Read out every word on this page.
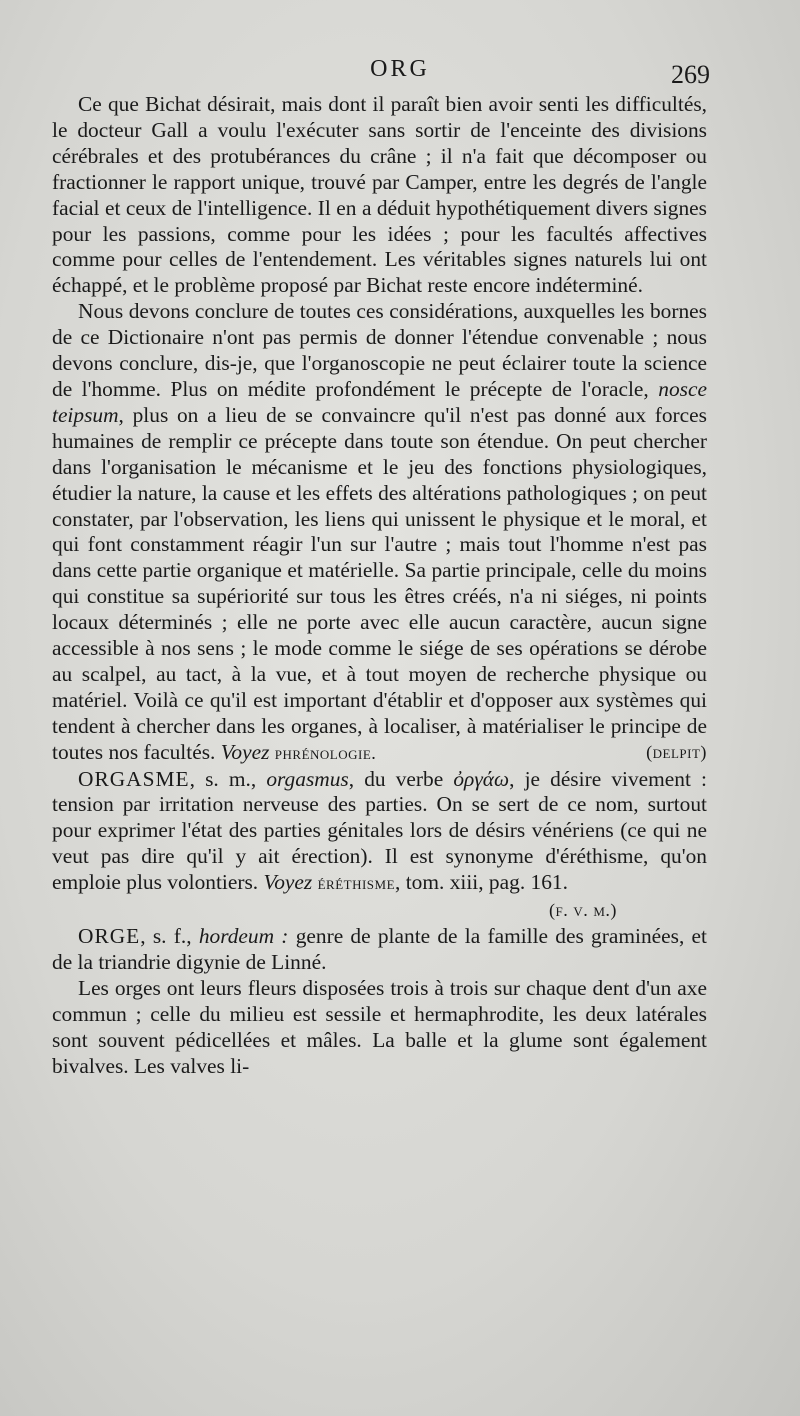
ORG	269

Ce que Bichat désirait, mais dont il paraît bien avoir senti les difficultés, le docteur Gall a voulu l'exécuter sans sortir de l'enceinte des divisions cérébrales et des protubérances du crâne ; il n'a fait que décomposer ou fractionner le rapport unique, trouvé par Camper, entre les degrés de l'angle facial et ceux de l'intelligence. Il en a déduit hypothétiquement divers signes pour les passions, comme pour les idées ; pour les facultés affectives comme pour celles de l'entendement. Les véritables signes naturels lui ont échappé, et le problème proposé par Bichat reste encore indéterminé.

Nous devons conclure de toutes ces considérations, auxquelles les bornes de ce Dictionaire n'ont pas permis de donner l'étendue convenable ; nous devons conclure, dis-je, que l'organoscopie ne peut éclairer toute la science de l'homme. Plus on médite profondément le précepte de l'oracle, nosce teipsum, plus on a lieu de se convaincre qu'il n'est pas donné aux forces humaines de remplir ce précepte dans toute son étendue. On peut chercher dans l'organisation le mécanisme et le jeu des fonctions physiologiques, étudier la nature, la cause et les effets des altérations pathologiques ; on peut constater, par l'observation, les liens qui unissent le physique et le moral, et qui font constamment réagir l'un sur l'autre ; mais tout l'homme n'est pas dans cette partie organique et matérielle. Sa partie principale, celle du moins qui constitue sa supériorité sur tous les êtres créés, n'a ni siéges, ni points locaux déterminés ; elle ne porte avec elle aucun caractère, aucun signe accessible à nos sens ; le mode comme le siége de ses opérations se dérobe au scalpel, au tact, à la vue, et à tout moyen de recherche physique ou matériel. Voilà ce qu'il est important d'établir et d'opposer aux systèmes qui tendent à chercher dans les organes, à localiser, à matérialiser le principe de toutes nos facultés. Voyez phrénologie.	(delpit)

ORGASME, s. m., orgasmus, du verbe ὀργάω, je désire vivement : tension par irritation nerveuse des parties. On se sert de ce nom, surtout pour exprimer l'état des parties génitales lors de désirs vénériens (ce qui ne veut pas dire qu'il y ait érection). Il est synonyme d'éréthisme, qu'on emploie plus volontiers. Voyez éréthisme, tom. xiii, pag. 161.

(f. v. m.)

ORGE, s. f., hordeum : genre de plante de la famille des graminées, et de la triandrie digynie de Linné.

Les orges ont leurs fleurs disposées trois à trois sur chaque dent d'un axe commun ; celle du milieu est sessile et hermaphrodite, les deux latérales sont souvent pédicellées et mâles. La balle et la glume sont également bivalves. Les valves li-
